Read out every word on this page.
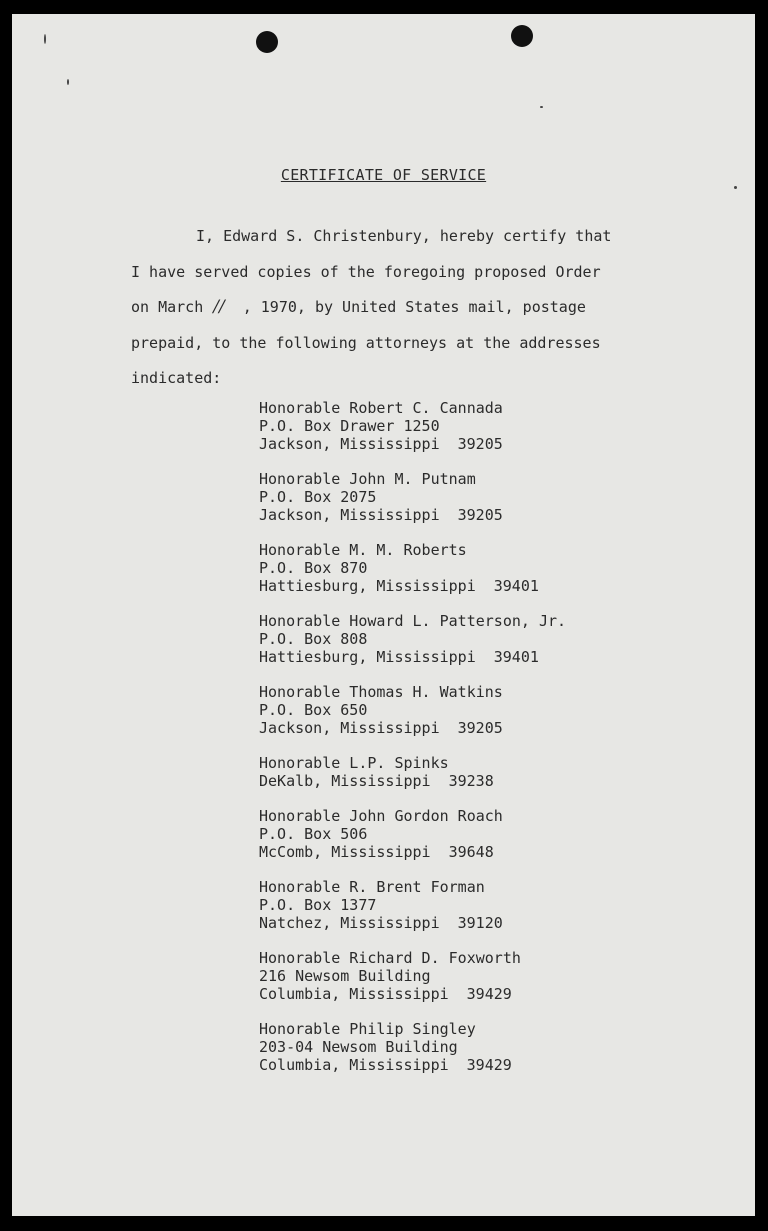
CERTIFICATE OF SERVICE
I, Edward S. Christenbury, hereby certify that
I have served copies of the foregoing proposed Order
on March // , 1970, by United States mail, postage
prepaid, to the following attorneys at the addresses
indicated:
Honorable Robert C. Cannada
P.O. Box Drawer 1250
Jackson, Mississippi 39205
Honorable John M. Putnam
P.O. Box 2075
Jackson, Mississippi 39205
Honorable M. M. Roberts
P.O. Box 870
Hattiesburg, Mississippi 39401
Honorable Howard L. Patterson, Jr.
P.O. Box 808
Hattiesburg, Mississippi 39401
Honorable Thomas H. Watkins
P.O. Box 650
Jackson, Mississippi 39205
Honorable L.P. Spinks
DeKalb, Mississippi 39238
Honorable John Gordon Roach
P.O. Box 506
McComb, Mississippi 39648
Honorable R. Brent Forman
P.O. Box 1377
Natchez, Mississippi 39120
Honorable Richard D. Foxworth
216 Newsom Building
Columbia, Mississippi 39429
Honorable Philip Singley
203-04 Newsom Building
Columbia, Mississippi 39429
